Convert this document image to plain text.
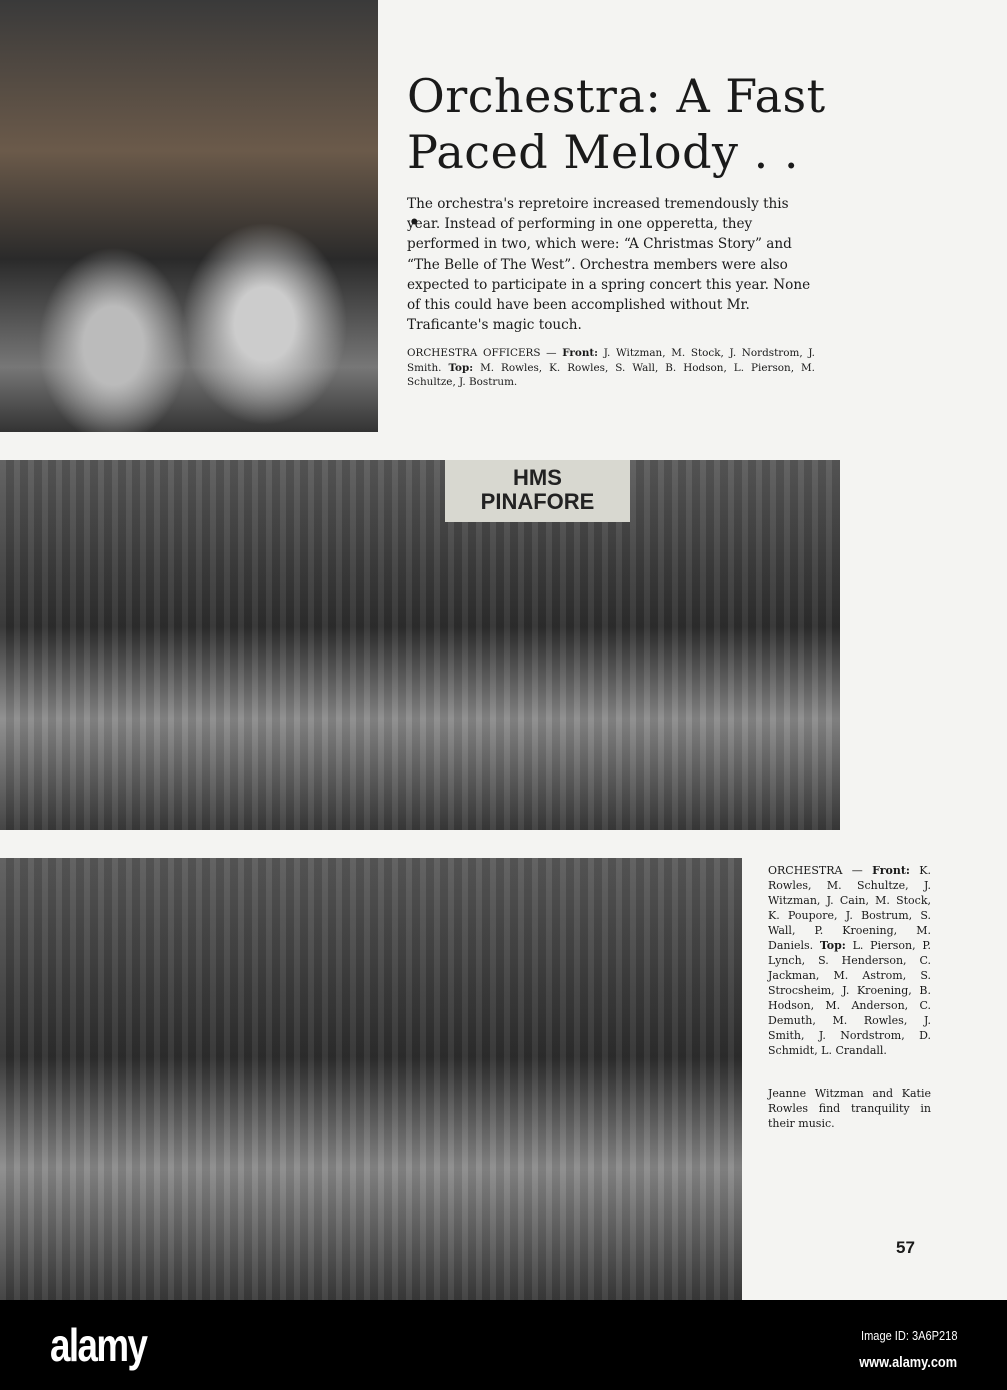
HMS
PINAFORE
Orchestra: A Fast
Paced Melody . . .
The orchestra's repretoire increased tremendously this year. Instead of performing in one opperetta, they performed in two, which were: “A Christmas Story” and “The Belle of The West”. Orchestra members were also expected to participate in a spring concert this year. None of this could have been accomplished without Mr. Traficante's magic touch.
ORCHESTRA OFFICERS — Front: J. Witzman, M. Stock, J. Nordstrom, J. Smith. Top: M. Rowles, K. Rowles, S. Wall, B. Hodson, L. Pierson, M. Schultze, J. Bostrum.
ORCHESTRA — Front: K. Rowles, M. Schultze, J. Witzman, J. Cain, M. Stock, K. Poupore, J. Bostrum, S. Wall, P. Kroening, M. Daniels. Top: L. Pierson, P. Lynch, S. Henderson, C. Jackman, M. Astrom, S. Strocsheim, J. Kroening, B. Hodson, M. Anderson, C. Demuth, M. Rowles, J. Smith, J. Nordstrom, D. Schmidt, L. Crandall.
Jeanne Witzman and Katie Rowles find tranquility in their music.
57
alamy	Image ID: 3A6P218
www.alamy.com
